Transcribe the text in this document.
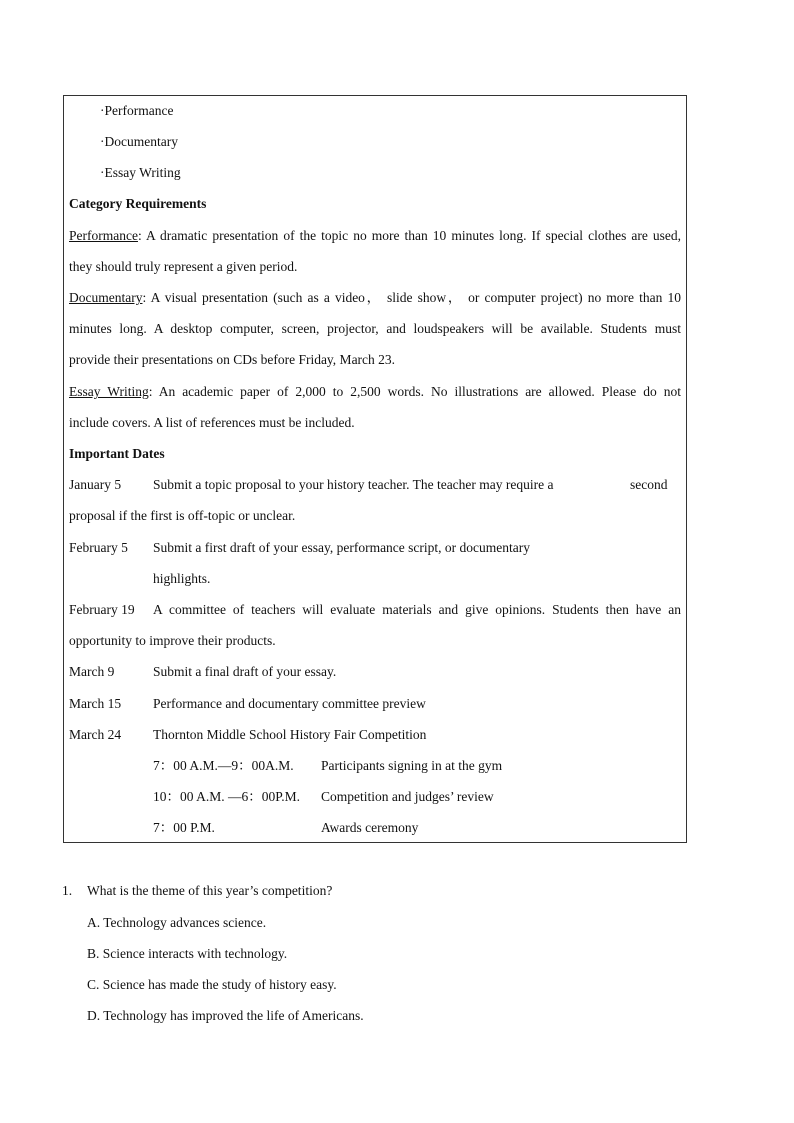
·Performance
·Documentary
·Essay Writing
Category Requirements
Performance: A dramatic presentation of the topic no more than 10 minutes long. If special clothes are used,
they should truly represent a given period.
Documentary: A visual presentation (such as a video， slide show， or computer project) no more than 10
minutes long. A desktop computer, screen, projector, and loudspeakers will be available. Students must
provide their presentations on CDs before Friday, March 23.
Essay Writing: An academic paper of 2,000 to 2,500 words. No illustrations are allowed. Please do not
include covers. A list of references must be included.
Important Dates
January 5 Submit a topic proposal to your history teacher. The teacher may require a	second
proposal if the first is off-topic or unclear.
February 5 Submit a first draft of your essay, performance script, or documentary
highlights.
February 19 A committee of teachers will evaluate materials and give opinions. Students then have an
opportunity to improve their products.
March 9	Submit a final draft of your essay.
March 15 Performance and documentary committee preview
March 24 Thornton Middle School History Fair Competition
7：00 A.M.—9：00A.M. Participants signing in at the gym
10：00 A.M. —6：00P.M. Competition and judges’ review
7：00 P.M.	Awards ceremony
1. What is the theme of this year’s competition?
A. Technology advances science.
B. Science interacts with technology.
C. Science has made the study of history easy.
D. Technology has improved the life of Americans.
